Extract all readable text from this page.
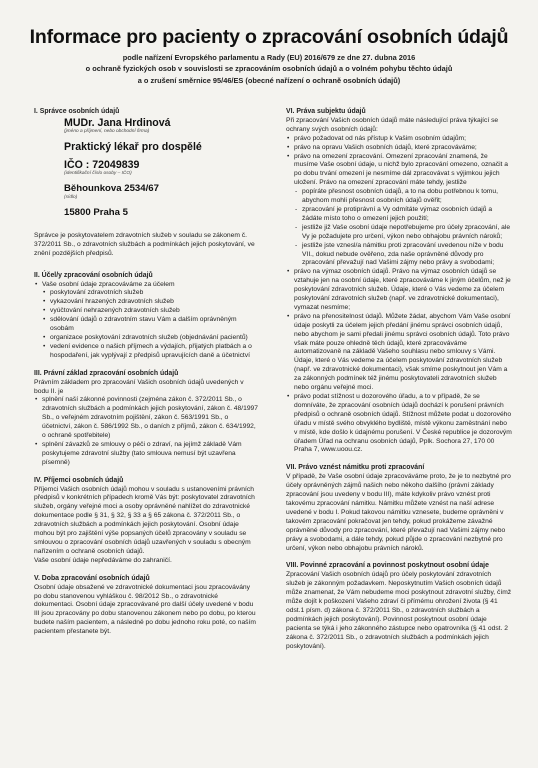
Informace pro pacienty o zpracování osobních údajů
podle nařízení Evropského parlamentu a Rady (EU) 2016/679 ze dne 27. dubna 2016
o ochraně fyzických osob v souvislosti se zpracováním osobních údajů a o volném pohybu těchto údajů
a o zrušení směrnice 95/46/ES (obecné nařízení o ochraně osobních údajů)

I. Správce osobních údajů

MUDr. Jana Hrdinová
(jméno a příjmení, nebo obchodní firma)
Praktický lékař pro dospělé
IČO : 72049839
(identifikační číslo osoby – IČO)
Běhounkova 2534/67
(sídlo)
15800 Praha 5

Správce je poskytovatelem zdravotních služeb v souladu se zákonem č. 372/2011 Sb., o zdravotních službách a podmínkách jejich poskytování, ve znění pozdějších předpisů.

II. Účel/y zpracování osobních údajů

• Vaše osobní údaje zpracováváme za účelem
• poskytování zdravotních služeb
• vykazování hrazených zdravotních služeb
• vyúčtování nehrazených zdravotních služeb
• sdělování údajů o zdravotním stavu Vám a dalším oprávněným osobám
• organizace poskytování zdravotních služeb (objednávání pacientů)
• vedení evidence o našich příjmech a výdajích, přijatých platbách a o hospodaření, jak vyplývají z předpisů upravujících daně a účetnictví

III. Právní základ zpracování osobních údajů

Právním základem pro zpracování Vašich osobních údajů uvedených v bodu II. je

• splnění naší zákonné povinnosti (zejména zákon č. 372/2011 Sb., o zdravotních službách a podmínkách jejich poskytování, zákon č. 48/1997 Sb., o veřejném zdravotním pojištění, zákon č. 563/1991 Sb., o účetnictví, zákon č. 586/1992 Sb., o daních z příjmů, zákon č. 634/1992, o ochraně spotřebitele)
• splnění závazků ze smlouvy o péči o zdraví, na jejímž základě Vám poskytujeme zdravotní služby (tato smlouva nemusí být uzavřena písemně)

IV. Příjemci osobních údajů

Příjemci Vašich osobních údajů mohou v souladu s ustanoveními právních předpisů v konkrétních případech kromě Vás být: poskytovatel zdravotních služeb, orgány veřejné moci a osoby oprávněné nahlížet do zdravotnické dokumentace podle § 31, § 32, § 33 a § 65 zákona č. 372/2011 Sb., o zdravotních službách a podmínkách jejich poskytování. Osobní údaje mohou být pro zajištění výše popsaných účelů zpracovány v souladu se smlouvou o zpracování osobních údajů uzavřených v souladu s obecným nařízením o ochraně osobních údajů.

Vaše osobní údaje nepředáváme do zahraničí.

V. Doba zpracování osobních údajů

Osobní údaje obsažené ve zdravotnické dokumentaci jsou zpracovávány po dobu stanovenou vyhláškou č. 98/2012 Sb., o zdravotnické dokumentaci. Osobní údaje zpracovávané pro další účely uvedené v bodu III jsou zpracovány po dobu stanovenou zákonem nebo po dobu, po kterou budete naším pacientem, a následně po dobu jednoho roku poté, co naším pacientem přestanete být.

VI. Práva subjektu údajů

Při zpracování Vašich osobních údajů máte následující práva týkající se ochrany svých osobních údajů:

• právo požadovat od nás přístup k Vašim osobním údajům;
• právo na opravu Vašich osobních údajů, které zpracováváme;
• právo na omezení zpracování. Omezení zpracování znamená, že musíme Vaše osobní údaje, u nichž bylo zpracování omezeno, označit a po dobu trvání omezení je nesmíme dál zpracovávat s výjimkou jejich uložení. Právo na omezení zpracování máte tehdy, jestliže
- popíráte přesnost osobních údajů, a to na dobu potřebnou k tomu, abychom mohli přesnost osobních údajů ověřit;
- zpracování je protiprávní a Vy odmítáte výmaz osobních údajů a žádáte místo toho o omezení jejich použití;
- jestliže již Vaše osobní údaje nepotřebujeme pro účely zpracování, ale Vy je požadujete pro určení, výkon nebo obhajobu právních nároků;
- jestliže jste vznesl/a námitku proti zpracování uvedenou níže v bodu VII., dokud nebude ověřeno, zda naše oprávněné důvody pro zpracování převažují nad Vašimi zájmy nebo právy a svobodami;
• právo na výmaz osobních údajů. Právo na výmaz osobních údajů se vztahuje jen na osobní údaje, které zpracováváme k jiným účelům, než je poskytování zdravotních služeb. Údaje, které o Vás vedeme za účelem poskytování zdravotních služeb (např. ve zdravotnické dokumentaci), vymazat nesmíme;
• právo na přenositelnost údajů. Můžete žádat, abychom Vám Vaše osobní údaje poskytli za účelem jejich předání jinému správci osobních údajů, nebo abychom je sami předali jinému správci osobních údajů. Toto právo však máte pouze ohledně těch údajů, které zpracováváme automatizovaně na základě Vašeho souhlasu nebo smlouvy s Vámi. Údaje, které o Vás vedeme za účelem poskytování zdravotních služeb (např. ve zdravotnické dokumentaci), však smíme poskytnout jen Vám a za zákonných podmínek též jinému poskytovateli zdravotních služeb nebo orgánu veřejné moci.
• právo podat stížnost u dozorového úřadu, a to v případě, že se domníváte, že zpracování osobních údajů dochází k porušení právních předpisů o ochraně osobních údajů. Stížnost můžete podat u dozorového úřadu v místě svého obvyklého bydliště, místě výkonu zaměstnání nebo v místě, kde došlo k údajnému porušení. V České republice je dozorovým úřadem Úřad na ochranu osobních údajů, Pplk. Sochora 27, 170 00 Praha 7, www.uoou.cz.

VII. Právo vznést námitku proti zpracování

V případě, že Vaše osobní údaje zpracováváme proto, že je to nezbytné pro účely oprávněných zájmů našich nebo někoho dalšího (právní základy zpracování jsou uvedeny v bodu III), máte kdykoliv právo vznést proti takovému zpracování námitku. Námitku můžete vznést na naší adrese uvedené v bodu I. Pokud takovou námitku vznesete, budeme oprávněni v takovém zpracování pokračovat jen tehdy, pokud prokážeme závažné oprávněné důvody pro zpracování, které převažují nad Vašimi zájmy nebo právy a svobodami, a dále tehdy, pokud půjde o zpracování nezbytné pro určení, výkon nebo obhajobu právních nároků.

VIII. Povinné zpracování a povinnost poskytnout osobní údaje

Zpracování Vašich osobních údajů pro účely poskytování zdravotních služeb je zákonným požadavkem. Neposkytnutím Vašich osobních údajů může znamenat, že Vám nebudeme moci poskytnout zdravotní služby, čímž může dojít k poškození Vašeho zdraví či přímému ohrožení života (§ 41 odst.1 písm. d) zákona č. 372/2011 Sb., o zdravotních službách a podmínkách jejich poskytování). Povinnost poskytnout osobní údaje pacienta se týká i jeho zákonného zástupce nebo opatrovníka (§ 41 odst. 2 zákona č. 372/2011 Sb., o zdravotních službách a podmínkách jejich poskytování).
